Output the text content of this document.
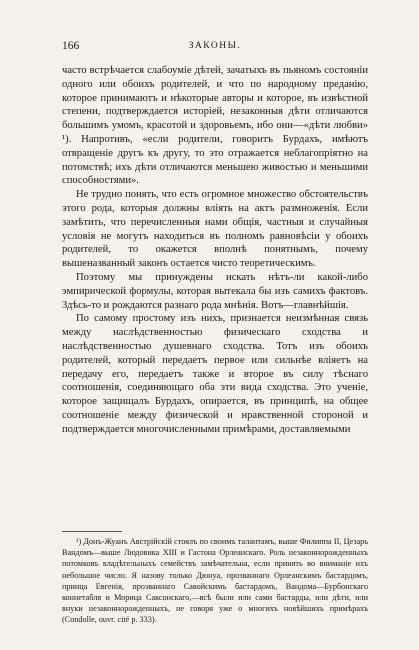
166	ЗАКОНЫ.

часто встрѣчается слабоуміе дѣтей, зачатыхъ въ пьяномъ состояніи одного или обоихъ родителей, и что по народному преданію, которое принимаютъ и нѣкоторые авторы и которое, въ извѣстной степени, подтверждается исторіей, незаконныя дѣти отличаются большимъ умомъ, красотой и здоровьемъ, ибо они—«дѣти любви» ¹). Напротивъ, «если родители, говоритъ Бурдахъ, имѣютъ отвращеніе другъ къ другу, то это отражается неблагопріятно на потомствѣ; ихъ дѣти отличаются меньшею живостью и меньшими способностями».

Не трудно понять, что есть огромное множество обстоятельствъ этого рода, которыя должны вліять на актъ размноженія. Если замѣтить, что перечисленныя нами общія, частныя и случайныя условія не могутъ находиться въ полномъ равновѣсіи у обоихъ родителей, то окажется вполнѣ понятнымъ, почему вышеназванный законъ остается чисто теоретическимъ.

Поэтому мы принуждены искать нѣтъ-ли какой-либо эмпирической формулы, которая вытекала бы изъ самихъ фактовъ. Здѣсь-то и рождаются разнаго рода мнѣнія. Вотъ—главнѣйшія.

По самому простому изъ нихъ, признается неизмѣнная связь между наслѣдственностью физическаго сходства и наслѣдственностью душевнаго сходства. Тотъ изъ обоихъ родителей, который передаетъ первое или сильнѣе вліяетъ на передачу его, передаетъ также и второе въ силу тѣснаго соотношенія, соединяющаго оба эти вида сходства. Это ученіе, которое защищалъ Бурдахъ, опирается, въ принципѣ, на общее соотношеніе между физической и нравственной стороной и подтверждается многочисленными примѣрами, доставляемыми

¹) Донъ-Жуанъ Австрійскій стоялъ по своимъ талантамъ, выше Филиппа II, Цезарь Вандомъ—выше Людовика XIII и Гастона Орлеанскаго. Роль незаконнорожденныхъ потомковъ владѣтельныхъ семействъ замѣчательна, если принять во вниманіе ихъ небольшое число. Я назову только Дюнуа, прозваннаго Орлеанскимъ бастардомъ, принца Евгенія, прозваннаго Савойскимъ бастардомъ, Вандома—Бурбонскаго коннетабля и Морица Саксонскаго,—всѣ были или сами бастарды, или дѣти, или внуки незаконнорожденныхъ, не говоря уже о многихъ новѣйшихъ примѣрахъ (Condolle, ouvr. cité p. 333).
